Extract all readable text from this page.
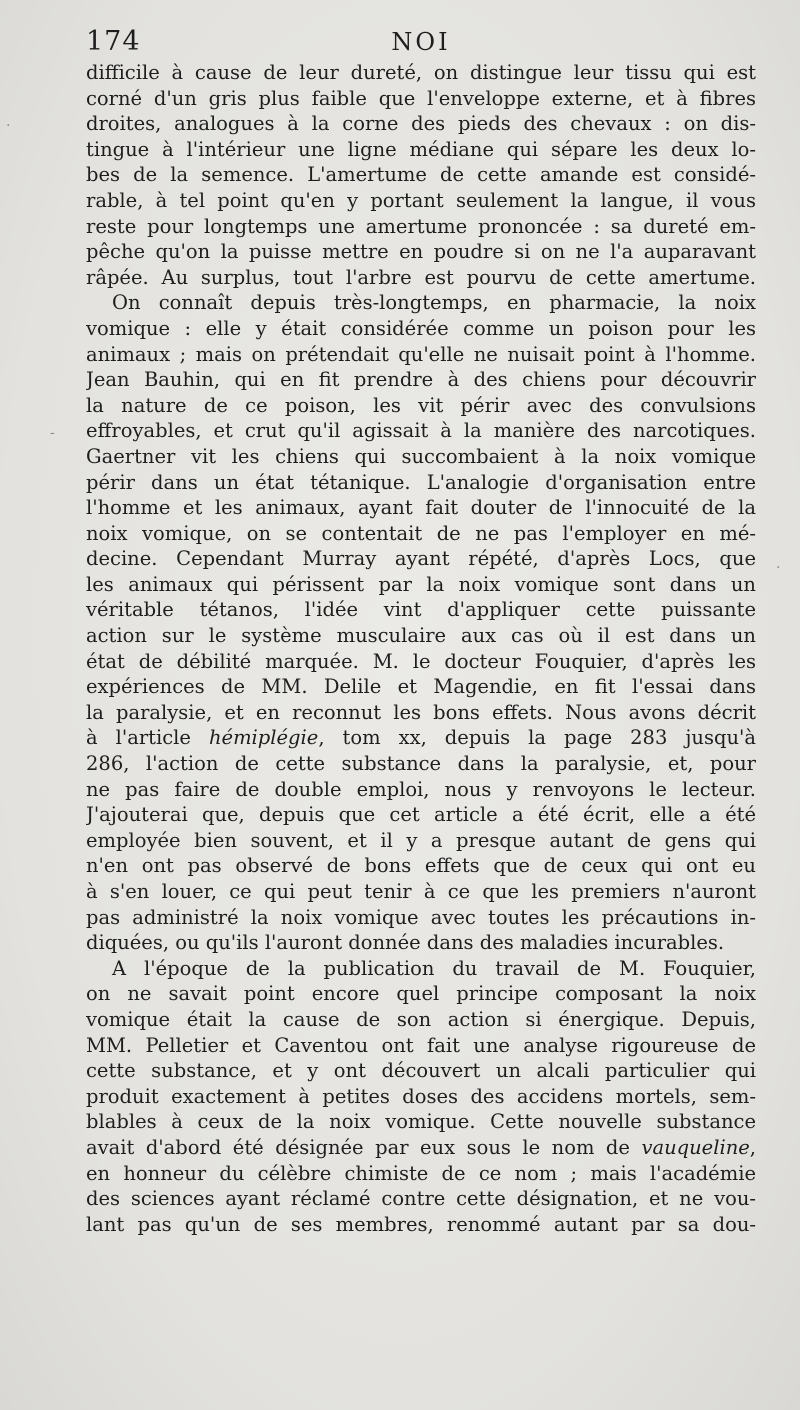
174	NOI
·
-
·
difficile à cause de leur dureté, on distingue leur tissu qui est
corné d'un gris plus faible que l'enveloppe externe, et à fibres
droites, analogues à la corne des pieds des chevaux : on dis-
tingue à l'intérieur une ligne médiane qui sépare les deux lo-
bes de la semence. L'amertume de cette amande est considé-
rable, à tel point qu'en y portant seulement la langue, il vous
reste pour longtemps une amertume prononcée : sa dureté em-
pêche qu'on la puisse mettre en poudre si on ne l'a auparavant
râpée. Au surplus, tout l'arbre est pourvu de cette amertume.
On connaît depuis très-longtemps, en pharmacie, la noix
vomique : elle y était considérée comme un poison pour les
animaux ; mais on prétendait qu'elle ne nuisait point à l'homme.
Jean Bauhin, qui en fit prendre à des chiens pour découvrir
la nature de ce poison, les vit périr avec des convulsions
effroyables, et crut qu'il agissait à la manière des narcotiques.
Gaertner vit les chiens qui succombaient à la noix vomique
périr dans un état tétanique. L'analogie d'organisation entre
l'homme et les animaux, ayant fait douter de l'innocuité de la
noix vomique, on se contentait de ne pas l'employer en mé-
decine. Cependant Murray ayant répété, d'après Locs, que
les animaux qui périssent par la noix vomique sont dans un
véritable tétanos, l'idée vint d'appliquer cette puissante
action sur le système musculaire aux cas où il est dans un
état de débilité marquée. M. le docteur Fouquier, d'après les
expériences de MM. Delile et Magendie, en fit l'essai dans
la paralysie, et en reconnut les bons effets. Nous avons décrit
à l'article hémiplégie, tom xx, depuis la page 283 jusqu'à
286, l'action de cette substance dans la paralysie, et, pour
ne pas faire de double emploi, nous y renvoyons le lecteur.
J'ajouterai que, depuis que cet article a été écrit, elle a été
employée bien souvent, et il y a presque autant de gens qui
n'en ont pas observé de bons effets que de ceux qui ont eu
à s'en louer, ce qui peut tenir à ce que les premiers n'auront
pas administré la noix vomique avec toutes les précautions in-
diquées, ou qu'ils l'auront donnée dans des maladies incurables.
A l'époque de la publication du travail de M. Fouquier,
on ne savait point encore quel principe composant la noix
vomique était la cause de son action si énergique. Depuis,
MM. Pelletier et Caventou ont fait une analyse rigoureuse de
cette substance, et y ont découvert un alcali particulier qui
produit exactement à petites doses des accidens mortels, sem-
blables à ceux de la noix vomique. Cette nouvelle substance
avait d'abord été désignée par eux sous le nom de vauqueline,
en honneur du célèbre chimiste de ce nom ; mais l'académie
des sciences ayant réclamé contre cette désignation, et ne vou-
lant pas qu'un de ses membres, renommé autant par sa dou-
